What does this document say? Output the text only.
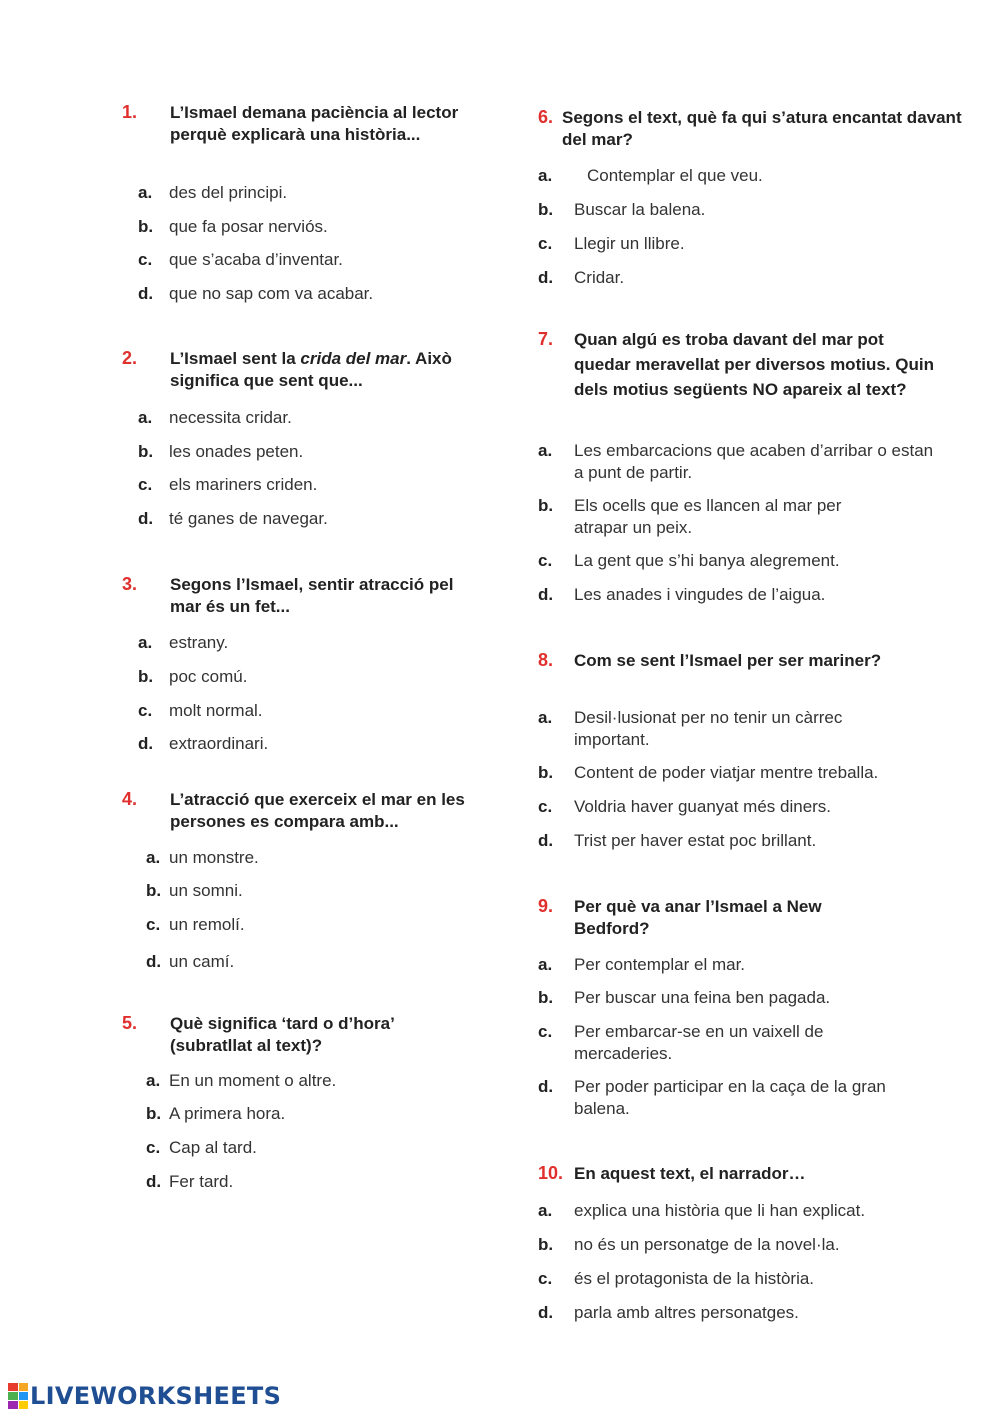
1.	L’Ismael demana paciència al lector perquè explicarà una història...
a. des del principi.
b. que fa posar nerviós.
c. que s’acaba d’inventar.
d. que no sap com va acabar.
2.	L’Ismael sent la crida del mar. Això significa que sent que...
a. necessita cridar.
b. les onades peten.
c. els mariners criden.
d. té ganes de navegar.
3.	Segons l’Ismael, sentir atracció pel mar és un fet...
a. estrany.
b. poc comú.
c. molt normal.
d. extraordinari.
4.	L’atracció que exerceix el mar en les persones es compara amb...
a. un monstre.
b. un somni.
c. un remolí.
d. un camí.
5.	Què significa ‘tard o d’hora’ (subratllat al text)?
a. En un moment o altre.
b. A primera hora.
c. Cap al tard.
d. Fer tard.
6. Segons el text, què fa qui s’atura encantat davant del mar?
a.	Contemplar el que veu.
b.	Buscar la balena.
c.	Llegir un llibre.
d.	Cridar.
7.	Quan algú es troba davant del mar pot quedar meravellat per diversos motius. Quin dels motius següents NO apareix al text?
a.	Les embarcacions que acaben d’arribar o estan a punt de partir.
b.	Els ocells que es llancen al mar per atrapar un peix.
c.	La gent que s’hi banya alegrement.
d.	Les anades i vingudes de l’aigua.
8.	Com se sent l’Ismael per ser mariner?
a.	Desil·lusionat per no tenir un càrrec important.
b.	Content de poder viatjar mentre treballa.
c.	Voldria haver guanyat més diners.
d.	Trist per haver estat poc brillant.
9.	Per què va anar l’Ismael a New Bedford?
a.	Per contemplar el mar.
b.	Per buscar una feina ben pagada.
c.	Per embarcar-se en un vaixell de mercaderies.
d.	Per poder participar en la caça de la gran balena.
10. En aquest text, el narrador…
a.	explica una història que li han explicat.
b.	no és un personatge de la novel·la.
c.	és el protagonista de la història.
d.	parla amb altres personatges.
LIVEWORKSHEETS
